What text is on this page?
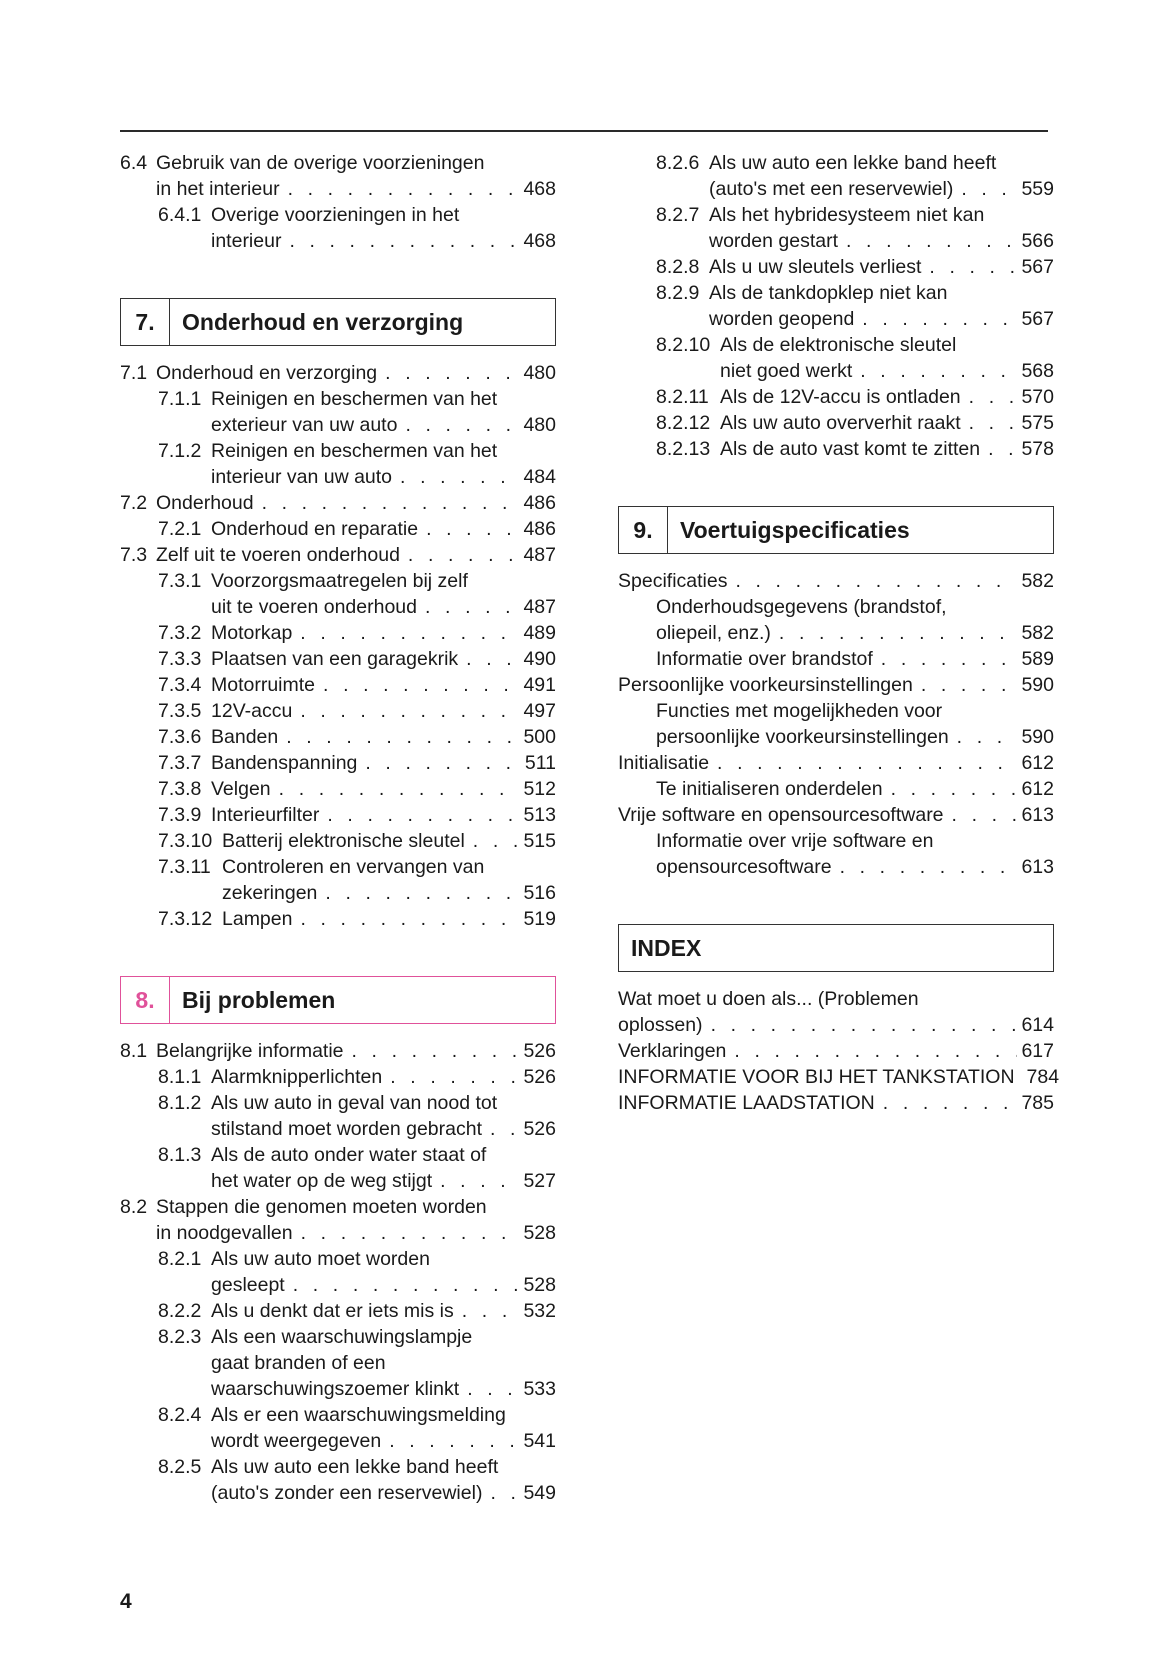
6.4 Gebruik van de overige voorzieningen
in het interieur . . .	468
6.4.1 Overige voorzieningen in het
interieur . . .	468
7.	Onderhoud en verzorging
7.1 Onderhoud en verzorging . . .	480
7.1.1 Reinigen en beschermen van het
exterieur van uw auto . . .	480
7.1.2 Reinigen en beschermen van het
interieur van uw auto . . .	484
7.2 Onderhoud . . .	486
7.2.1 Onderhoud en reparatie . . .	486
7.3 Zelf uit te voeren onderhoud . . .	487
7.3.1 Voorzorgsmaatregelen bij zelf
uit te voeren onderhoud . . .	487
7.3.2 Motorkap . . .	489
7.3.3 Plaatsen van een garagekrik . . .	490
7.3.4 Motorruimte . . .	491
7.3.5 12V-accu . . .	497
7.3.6 Banden . . .	500
7.3.7 Bandenspanning . . .	511
7.3.8 Velgen . . .	512
7.3.9 Interieurfilter . . .	513
7.3.10 Batterij elektronische sleutel . . .	515
7.3.11 Controleren en vervangen van
zekeringen . . .	516
7.3.12 Lampen . . .	519
8.	Bij problemen
8.1 Belangrijke informatie . . .	526
8.1.1 Alarmknipperlichten . . .	526
8.1.2 Als uw auto in geval van nood tot
stilstand moet worden gebracht . . . 526
8.1.3 Als de auto onder water staat of
het water op de weg stijgt . . .	527
8.2 Stappen die genomen moeten worden
in noodgevallen . . .	528
8.2.1 Als uw auto moet worden
gesleept . . .	528
8.2.2 Als u denkt dat er iets mis is . . .	532
8.2.3 Als een waarschuwingslampje
gaat branden of een
waarschuwingszoemer klinkt . . .	533
8.2.4 Als er een waarschuwingsmelding
wordt weergegeven . . .	541
8.2.5 Als uw auto een lekke band heeft
(auto's zonder een reservewiel) . . . 549
8.2.6 Als uw auto een lekke band heeft
(auto's met een reservewiel) . . .	559
8.2.7 Als het hybridesysteem niet kan
worden gestart . . .	566
8.2.8 Als u uw sleutels verliest . . .	567
8.2.9 Als de tankdopklep niet kan
worden geopend . . .	567
8.2.10 Als de elektronische sleutel
niet goed werkt . . .	568
8.2.11 Als de 12V-accu is ontladen . . .	570
8.2.12 Als uw auto oververhit raakt . . .	575
8.2.13 Als de auto vast komt te zitten . . . 578
9.	Voertuigspecificaties
Specificaties . . .	582
Onderhoudsgegevens (brandstof,
oliepeil, enz.) . . .	582
Informatie over brandstof . . .	589
Persoonlijke voorkeursinstellingen . . .	590
Functies met mogelijkheden voor
persoonlijke voorkeursinstellingen . . .	590
Initialisatie . . .	612
Te initialiseren onderdelen . . .	612
Vrije software en opensourcesoftware . . .	613
Informatie over vrije software en
opensourcesoftware . . .	613
INDEX
Wat moet u doen als... (Problemen
oplossen) . . .	614
Verklaringen . . .	617
INFORMATIE VOOR BIJ HET TANKSTATION 784
INFORMATIE LAADSTATION . . .	785
4
